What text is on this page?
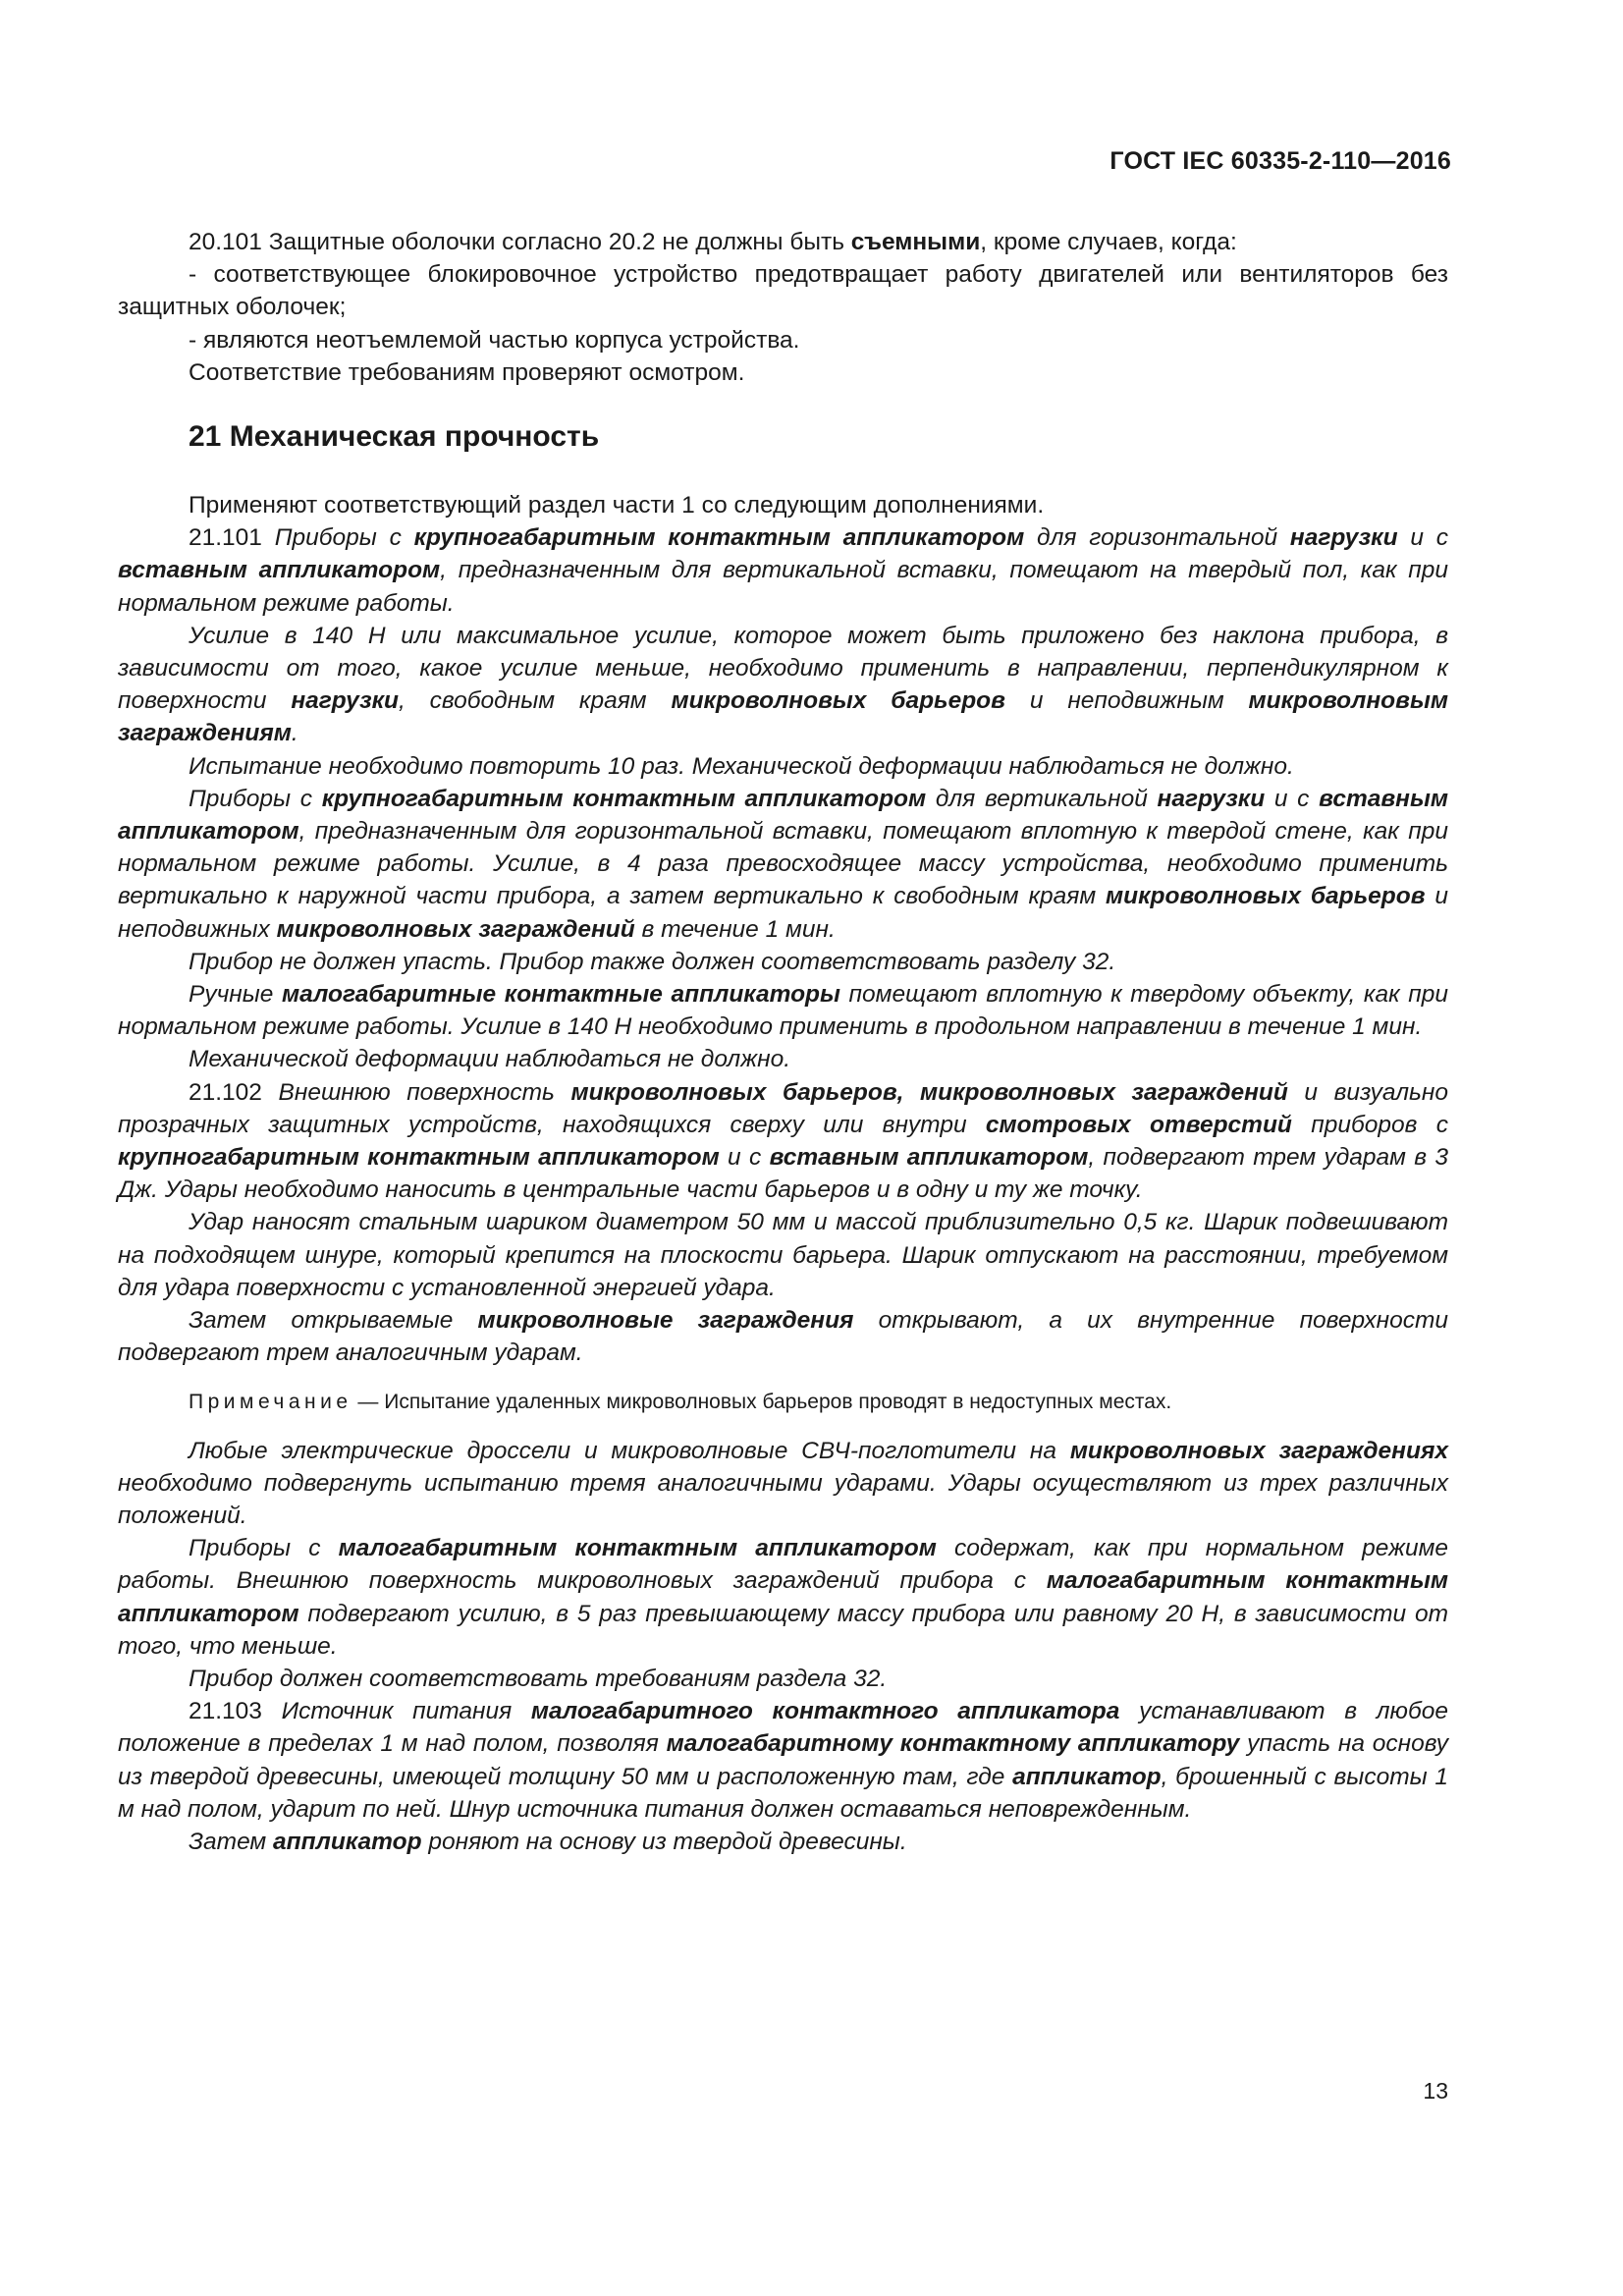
ГОСТ IEC 60335-2-110—2016

20.101 Защитные оболочки согласно 20.2 не должны быть съемными, кроме случаев, когда:

- соответствующее блокировочное устройство предотвращает работу двигателей или вентиляторов без защитных оболочек;

- являются неотъемлемой частью корпуса устройства.

Соответствие требованиям проверяют осмотром.

21 Механическая прочность

Применяют соответствующий раздел части 1 со следующим дополнениями.

21.101 Приборы с крупногабаритным контактным аппликатором для горизонтальной нагрузки и с вставным аппликатором, предназначенным для вертикальной вставки, помещают на твердый пол, как при нормальном режиме работы.

Усилие в 140 Н или максимальное усилие, которое может быть приложено без наклона прибора, в зависимости от того, какое усилие меньше, необходимо применить в направлении, перпендикулярном к поверхности нагрузки, свободным краям микроволновых барьеров и неподвижным микроволновым заграждениям.

Испытание необходимо повторить 10 раз. Механической деформации наблюдаться не должно.

Приборы с крупногабаритным контактным аппликатором для вертикальной нагрузки и с вставным аппликатором, предназначенным для горизонтальной вставки, помещают вплотную к твердой стене, как при нормальном режиме работы. Усилие, в 4 раза превосходящее массу устройства, необходимо применить вертикально к наружной части прибора, а затем вертикально к свободным краям микроволновых барьеров и неподвижных микроволновых заграждений в течение 1 мин.

Прибор не должен упасть. Прибор также должен соответствовать разделу 32.

Ручные малогабаритные контактные аппликаторы помещают вплотную к твердому объекту, как при нормальном режиме работы. Усилие в 140 Н необходимо применить в продольном направлении в течение 1 мин.

Механической деформации наблюдаться не должно.

21.102 Внешнюю поверхность микроволновых барьеров, микроволновых заграждений и визуально прозрачных защитных устройств, находящихся сверху или внутри смотровых отверстий приборов с крупногабаритным контактным аппликатором и с вставным аппликатором, подвергают трем ударам в 3 Дж. Удары необходимо наносить в центральные части барьеров и в одну и ту же точку.

Удар наносят стальным шариком диаметром 50 мм и массой приблизительно 0,5 кг. Шарик подвешивают на подходящем шнуре, который крепится на плоскости барьера. Шарик отпускают на расстоянии, требуемом для удара поверхности с установленной энергией удара.

Затем открываемые микроволновые заграждения открывают, а их внутренние поверхности подвергают трем аналогичным ударам.

Примечание — Испытание удаленных микроволновых барьеров проводят в недоступных местах.

Любые электрические дроссели и микроволновые СВЧ-поглотители на микроволновых заграждениях необходимо подвергнуть испытанию тремя аналогичными ударами. Удары осуществляют из трех различных положений.

Приборы с малогабаритным контактным аппликатором содержат, как при нормальном режиме работы. Внешнюю поверхность микроволновых заграждений прибора с малогабаритным контактным аппликатором подвергают усилию, в 5 раз превышающему массу прибора или равному 20 Н, в зависимости от того, что меньше.

Прибор должен соответствовать требованиям раздела 32.

21.103 Источник питания малогабаритного контактного аппликатора устанавливают в любое положение в пределах 1 м над полом, позволяя малогабаритному контактному аппликатору упасть на основу из твердой древесины, имеющей толщину 50 мм и расположенную там, где аппликатор, брошенный с высоты 1 м над полом, ударит по ней. Шнур источника питания должен оставаться неповрежденным.

Затем аппликатор роняют на основу из твердой древесины.

13
